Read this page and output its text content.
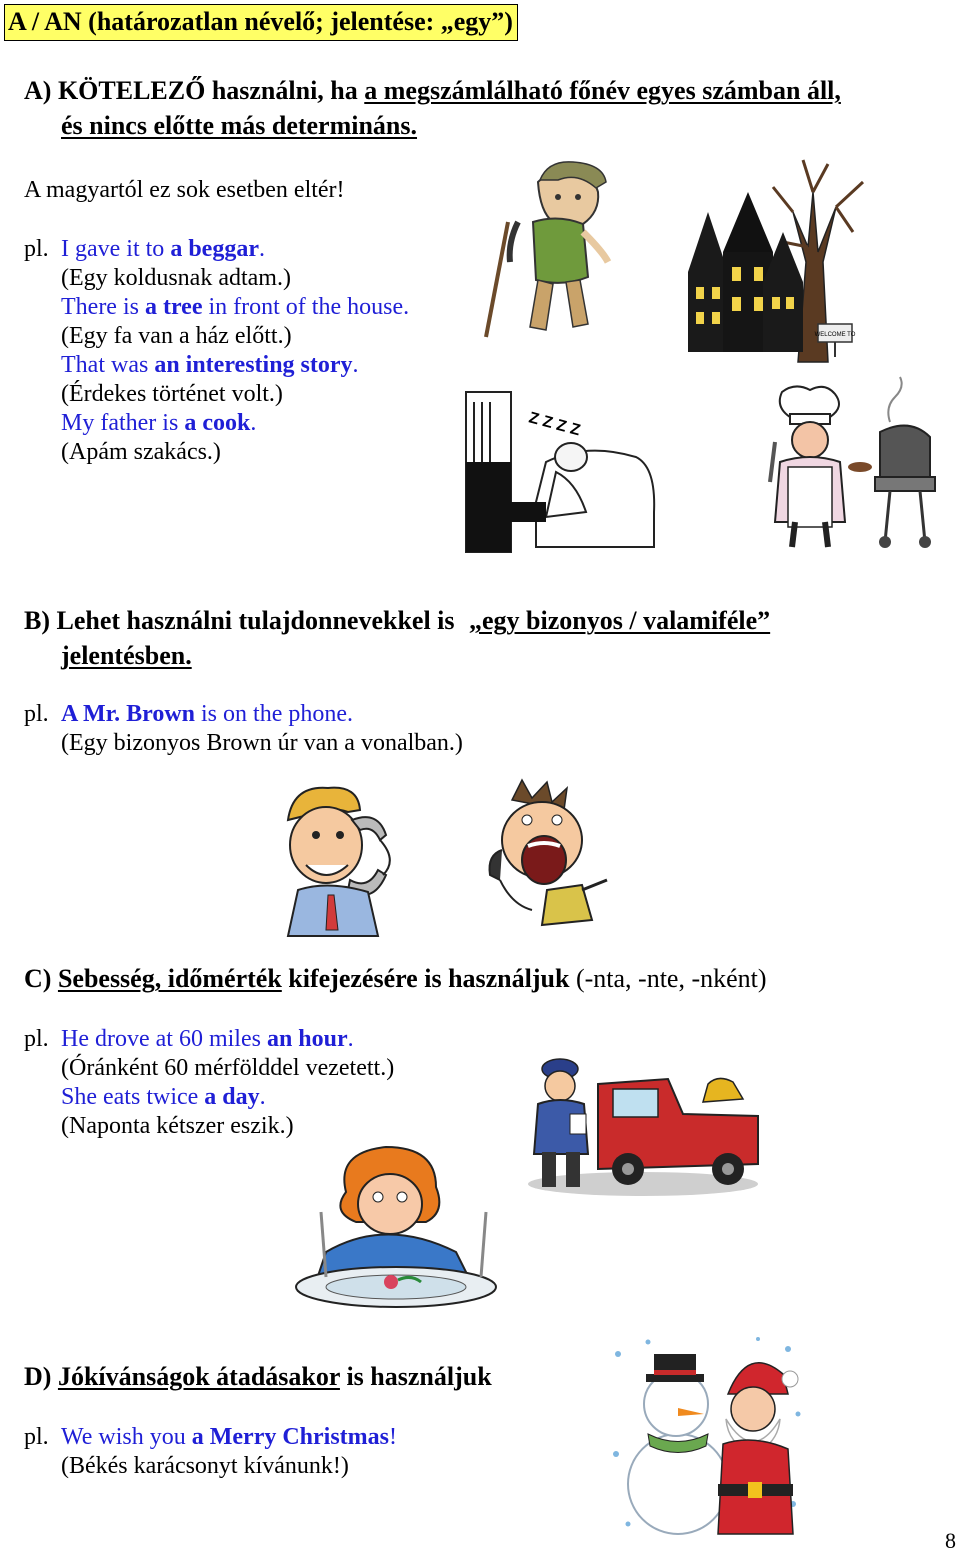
A / AN (határozatlan névelő; jelentése: „egy”)
A) KÖTELEZŐ használni, ha a megszámlálható főnév egyes számban áll,
és nincs előtte más determináns.
A magyartól ez sok esetben eltér!
pl. I gave it to a beggar.
(Egy koldusnak adtam.)
There is a tree in front of the house.
(Egy fa van a ház előtt.)
That was an interesting story.
(Érdekes történet volt.)
My father is a cook.
(Apám szakács.)
WELCOME TO
Z Z Z Z
B) Lehet használni tulajdonnevekkel is „egy bizonyos / valamiféle”
jelentésben.
pl. A Mr. Brown is on the phone.
(Egy bizonyos Brown úr van a vonalban.)
C) Sebesség, időmérték kifejezésére is használjuk (-nta, -nte, -nként)
pl. He drove at 60 miles an hour.
(Óránként 60 mérfölddel vezetett.)
She eats twice a day.
(Naponta kétszer eszik.)
D) Jókívánságok átadásakor is használjuk
pl. We wish you a Merry Christmas!
(Békés karácsonyt kívánunk!)
8
